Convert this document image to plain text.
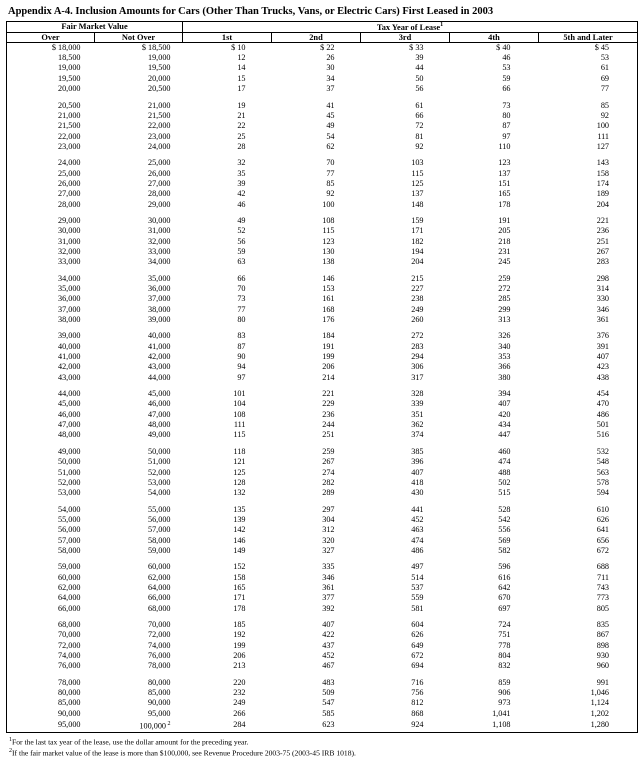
Appendix A-4. Inclusion Amounts for Cars (Other Than Trucks, Vans, or Electric Cars) First Leased in 2003
Fair Market Value		Tax Year of Lease$^1$
Over	Not Over	1st	2nd	3rd	4th	5th and Later
$ 18,000	$ 18,500	$ 10	$ 22	$ 33	$ 40	$ 45
18,500	19,000	12	26	39	46	53
19,000	19,500	14	30	44	53	61
19,500	20,000	15	34	50	59	69
20,000	20,500	17	37	56	66	77

20,500	21,000	19	41	61	73	85
21,000	21,500	21	45	66	80	92
21,500	22,000	22	49	72	87	100
22,000	23,000	25	54	81	97	111
23,000	24,000	28	62	92	110	127

24,000	25,000	32	70	103	123	143
25,000	26,000	35	77	115	137	158
26,000	27,000	39	85	125	151	174
27,000	28,000	42	92	137	165	189
28,000	29,000	46	100	148	178	204

29,000	30,000	49	108	159	191	221
30,000	31,000	52	115	171	205	236
31,000	32,000	56	123	182	218	251
32,000	33,000	59	130	194	231	267
33,000	34,000	63	138	204	245	283

34,000	35,000	66	146	215	259	298
35,000	36,000	70	153	227	272	314
36,000	37,000	73	161	238	285	330
37,000	38,000	77	168	249	299	346
38,000	39,000	80	176	260	313	361

39,000	40,000	83	184	272	326	376
40,000	41,000	87	191	283	340	391
41,000	42,000	90	199	294	353	407
42,000	43,000	94	206	306	366	423
43,000	44,000	97	214	317	380	438

44,000	45,000	101	221	328	394	454
45,000	46,000	104	229	339	407	470
46,000	47,000	108	236	351	420	486
47,000	48,000	111	244	362	434	501
48,000	49,000	115	251	374	447	516

49,000	50,000	118	259	385	460	532
50,000	51,000	121	267	396	474	548
51,000	52,000	125	274	407	488	563
52,000	53,000	128	282	418	502	578
53,000	54,000	132	289	430	515	594

54,000	55,000	135	297	441	528	610
55,000	56,000	139	304	452	542	626
56,000	57,000	142	312	463	556	641
57,000	58,000	146	320	474	569	656
58,000	59,000	149	327	486	582	672

59,000	60,000	152	335	497	596	688
60,000	62,000	158	346	514	616	711
62,000	64,000	165	361	537	642	743
64,000	66,000	171	377	559	670	773
66,000	68,000	178	392	581	697	805

68,000	70,000	185	407	604	724	835
70,000	72,000	192	422	626	751	867
72,000	74,000	199	437	649	778	898
74,000	76,000	206	452	672	804	930
76,000	78,000	213	467	694	832	960

78,000	80,000	220	483	716	859	991
80,000	85,000	232	509	756	906	1,046
85,000	90,000	249	547	812	973	1,124
90,000	95,000	266	585	868	1,041	1,202
95,000	100,000 $^2$	284	623	924	1,108	1,280
$^1$For the last tax year of the lease, use the dollar amount for the preceding year.
$^2$If the fair market value of the lease is more than $100,000, see Revenue Procedure 2003-75 (2003-45 IRB 1018).
